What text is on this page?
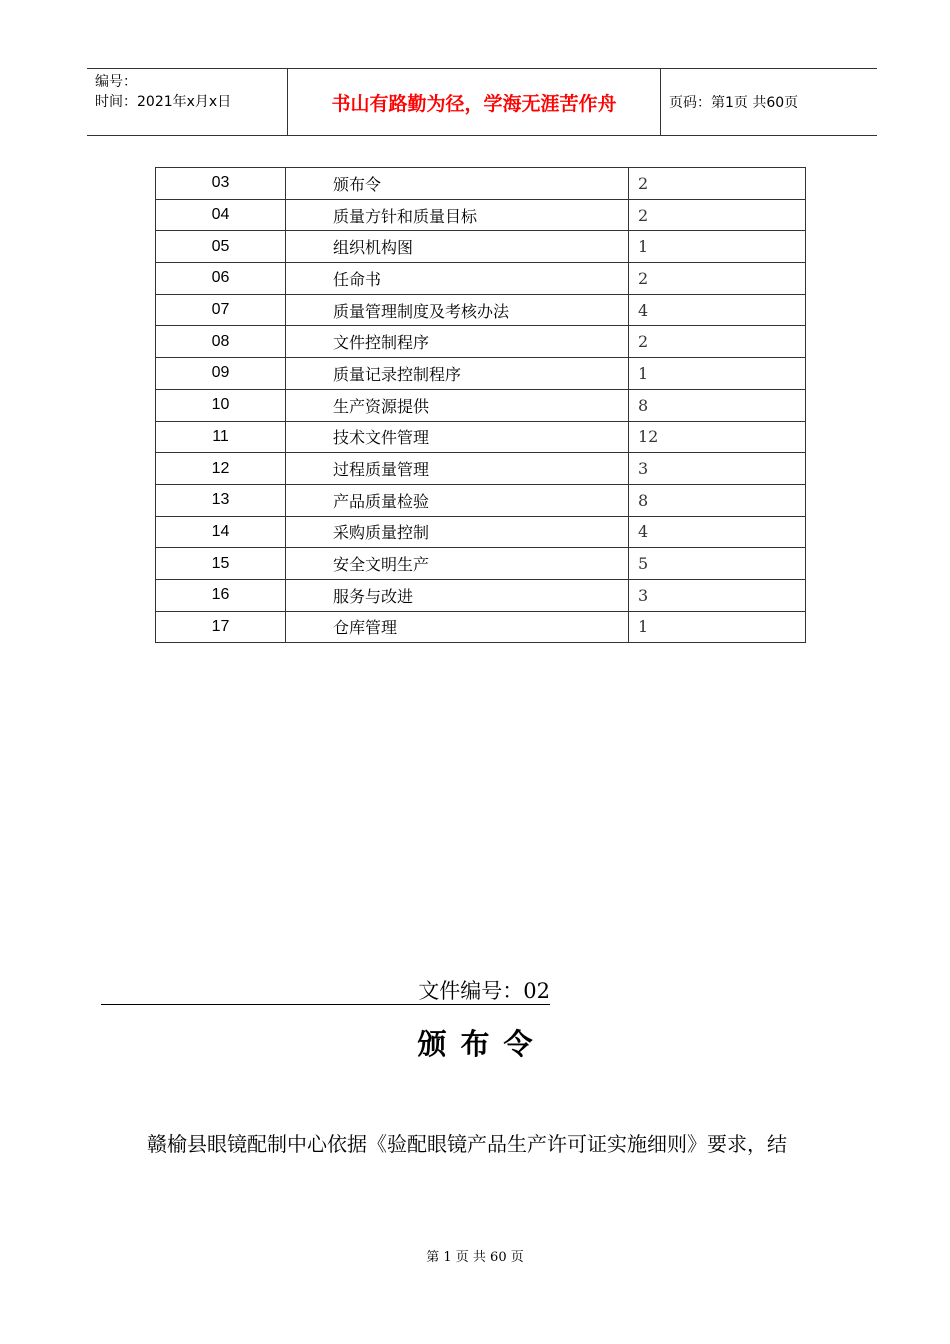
编号：
时间：2021年x月x日	书山有路勤为径，学海无涯苦作舟	页码：第1页 共60页
03	颁布令	2
04	质量方针和质量目标	2
05	组织机构图	1
06	任命书	2
07	质量管理制度及考核办法	4
08	文件控制程序	2
09	质量记录控制程序	1
10	生产资源提供	8
11	技术文件管理	12
12	过程质量管理	3
13	产品质量检验	8
14	采购质量控制	4
15	安全文明生产	5
16	服务与改进	3
17	仓库管理	1
文件编号：02
颁布令
赣榆县眼镜配制中心依据《验配眼镜产品生产许可证实施细则》要求，结
第 1 页 共 60 页
